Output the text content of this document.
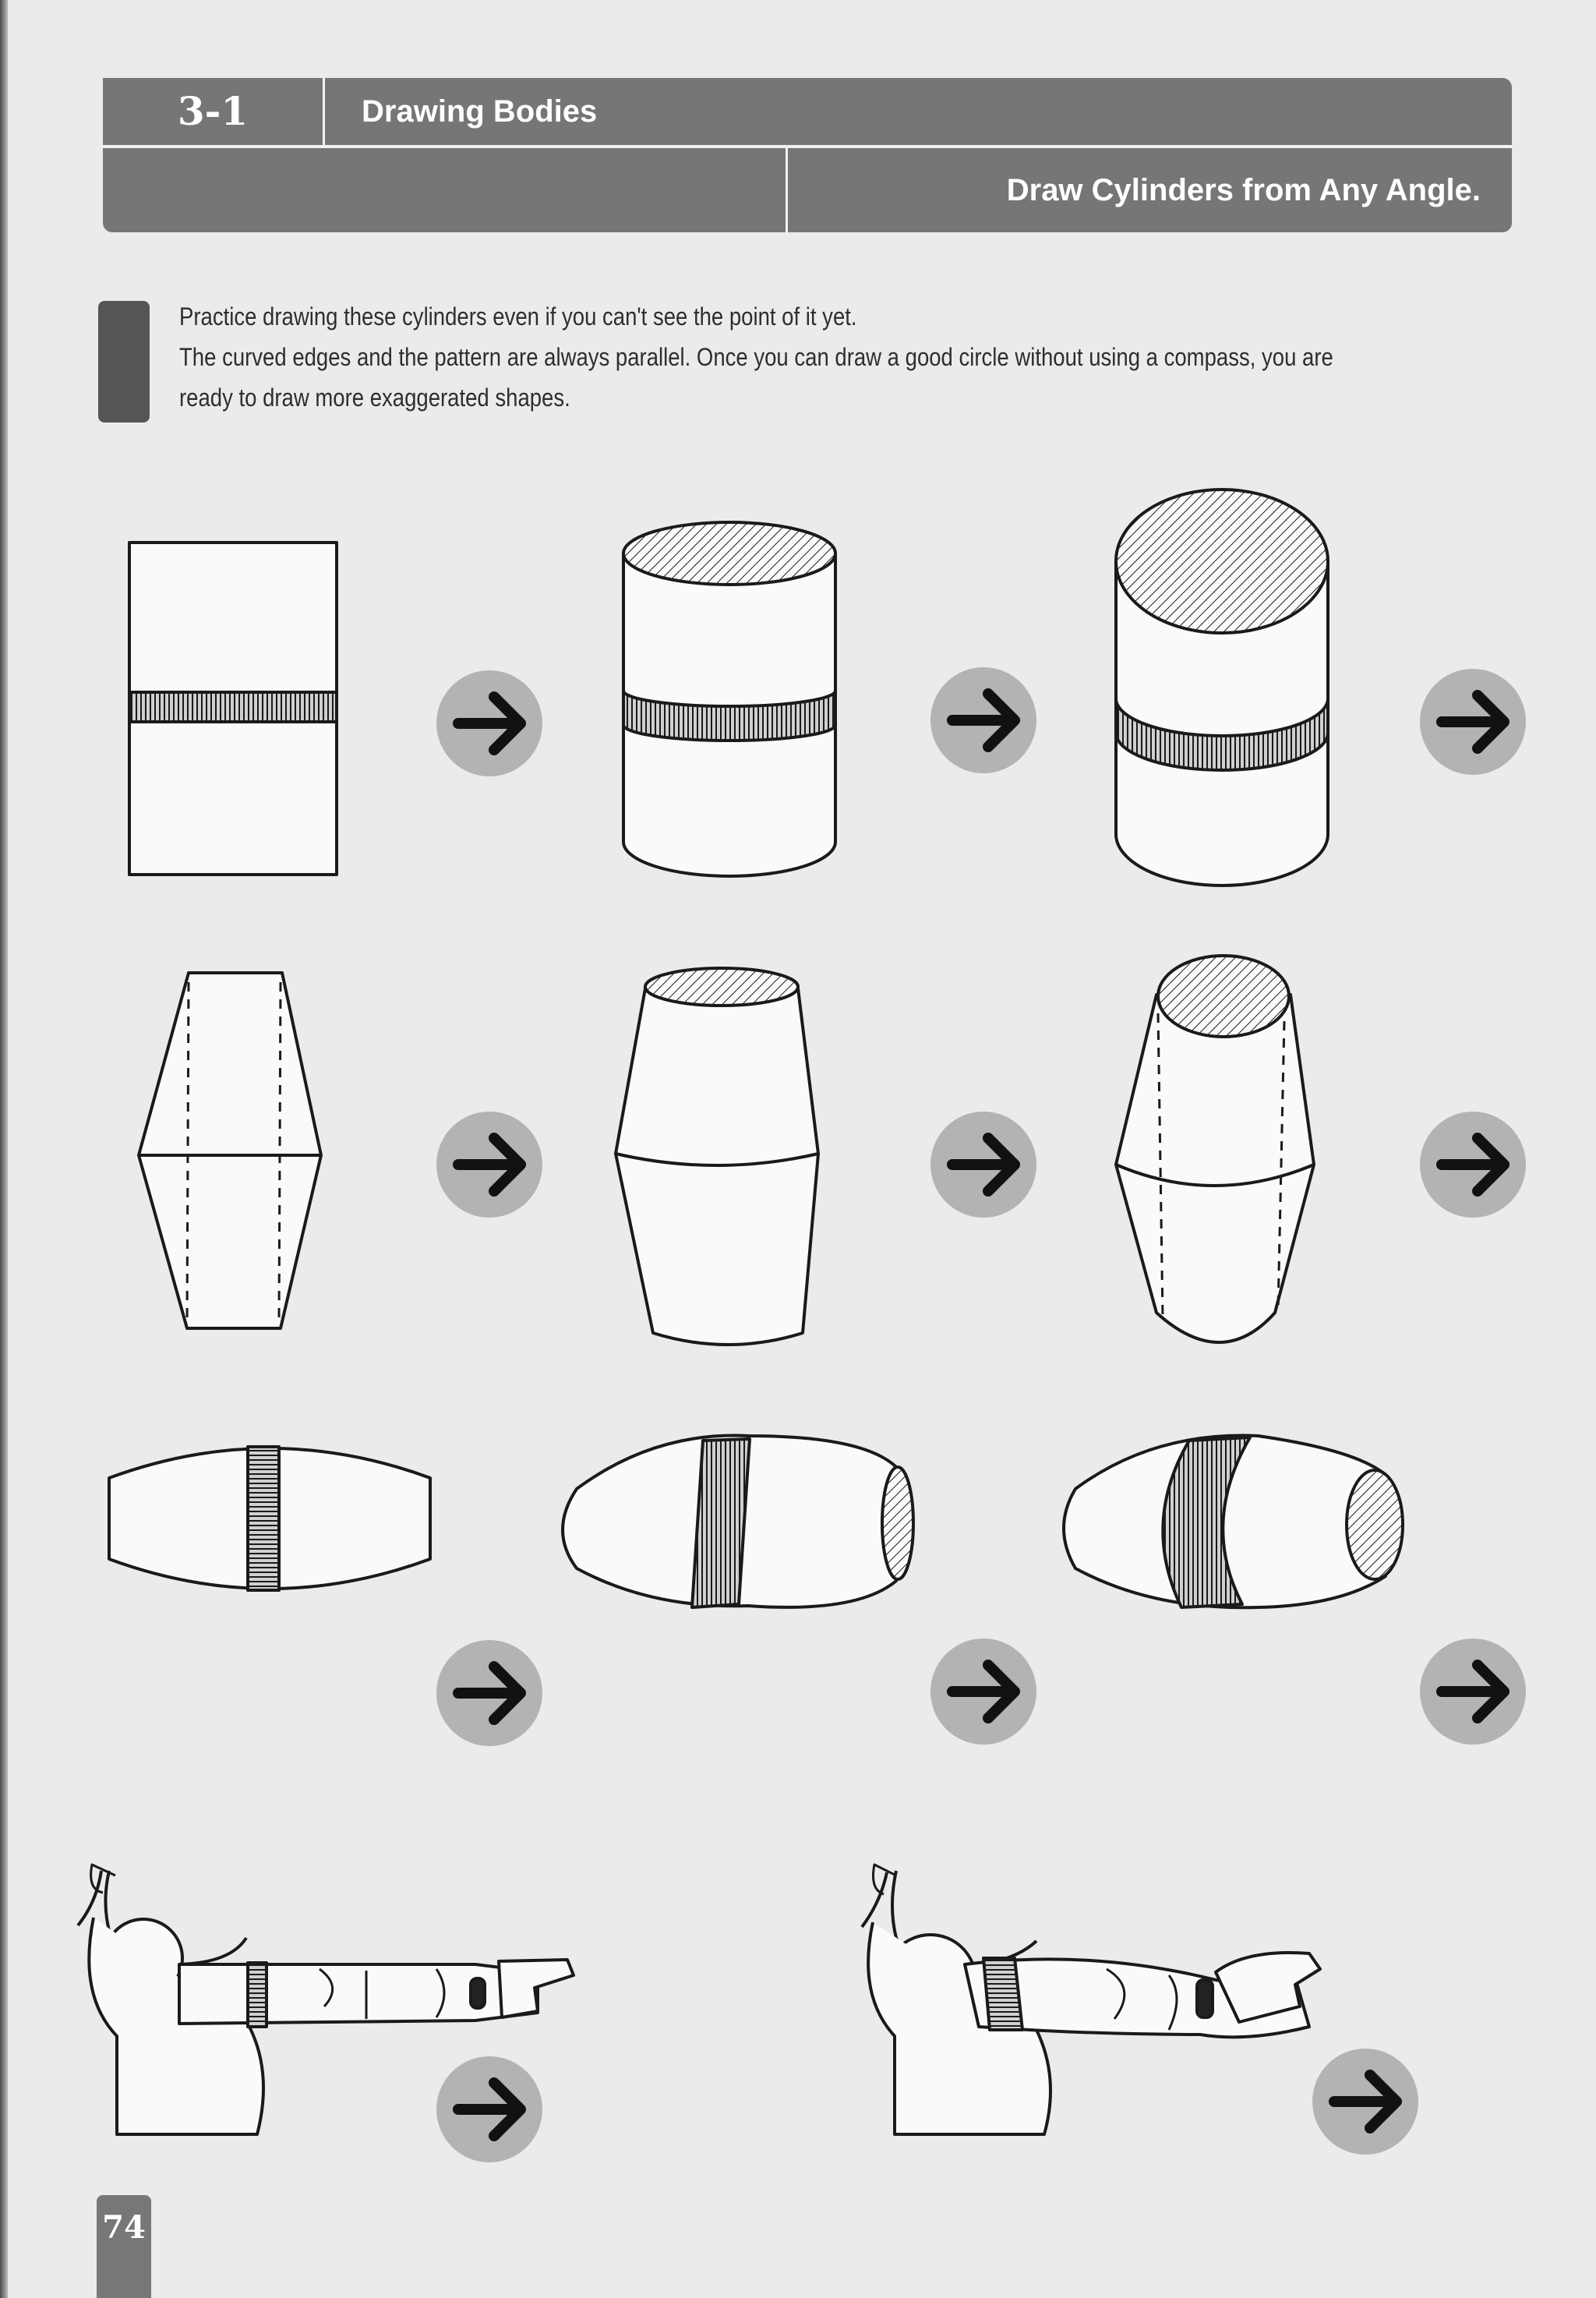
3-1	Drawing Bodies
Draw Cylinders from Any Angle.

Practice drawing these cylinders even if you can't see the point of it yet.

The curved edges and the pattern are always parallel. Once you can draw a good circle without using a compass, you are

ready to draw more exaggerated shapes.

74
